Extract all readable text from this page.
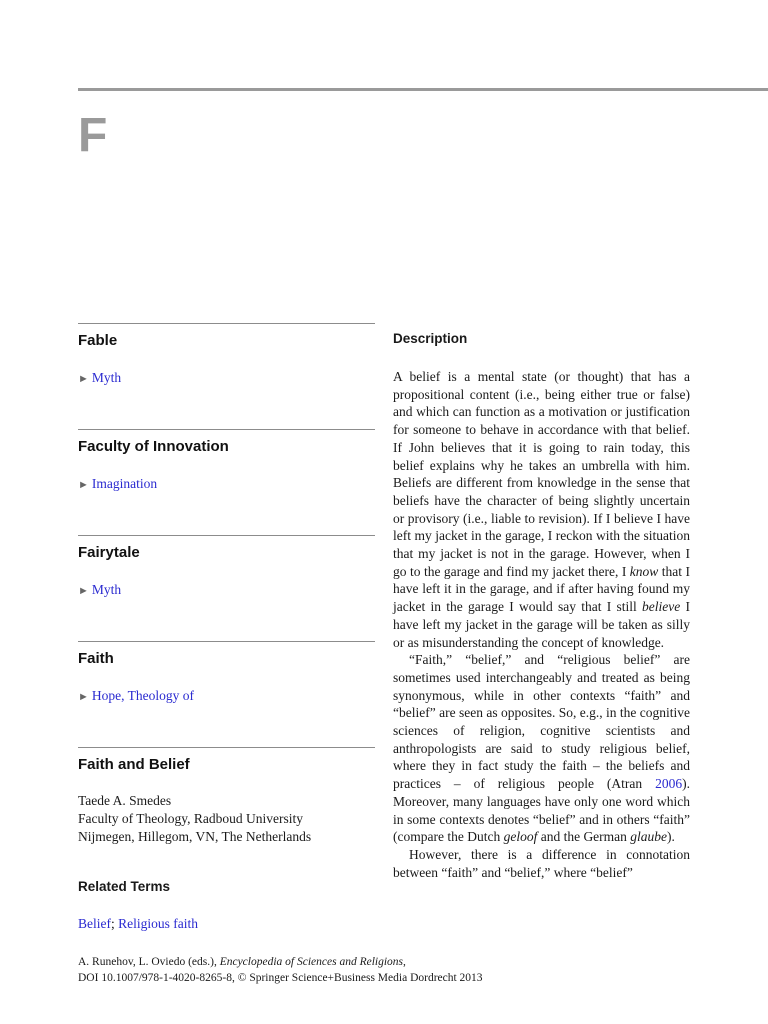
F
Fable
► Myth
Faculty of Innovation
► Imagination
Fairytale
► Myth
Faith
► Hope, Theology of
Faith and Belief
Taede A. Smedes
Faculty of Theology, Radboud University
Nijmegen, Hillegom, VN, The Netherlands
Related Terms
Belief; Religious faith
Description

A belief is a mental state (or thought) that has a propositional content (i.e., being either true or false) and which can function as a motivation or justification for someone to behave in accordance with that belief. If John believes that it is going to rain today, this belief explains why he takes an umbrella with him. Beliefs are different from knowledge in the sense that beliefs have the character of being slightly uncertain or provisory (i.e., liable to revision). If I believe I have left my jacket in the garage, I reckon with the situation that my jacket is not in the garage. However, when I go to the garage and find my jacket there, I know that I have left it in the garage, and if after having found my jacket in the garage I would say that I still believe I have left my jacket in the garage will be taken as silly or as misunderstanding the concept of knowledge.

“Faith,” “belief,” and “religious belief” are sometimes used interchangeably and treated as being synonymous, while in other contexts “faith” and “belief” are seen as opposites. So, e.g., in the cognitive sciences of religion, cognitive scientists and anthropologists are said to study religious belief, where they in fact study the faith – the beliefs and practices – of religious people (Atran 2006). Moreover, many languages have only one word which in some contexts denotes “belief” and in others “faith” (compare the Dutch geloof and the German glaube).

However, there is a difference in connotation between “faith” and “belief,” where “belief”

A. Runehov, L. Oviedo (eds.), Encyclopedia of Sciences and Religions,
DOI 10.1007/978-1-4020-8265-8, © Springer Science+Business Media Dordrecht 2013
